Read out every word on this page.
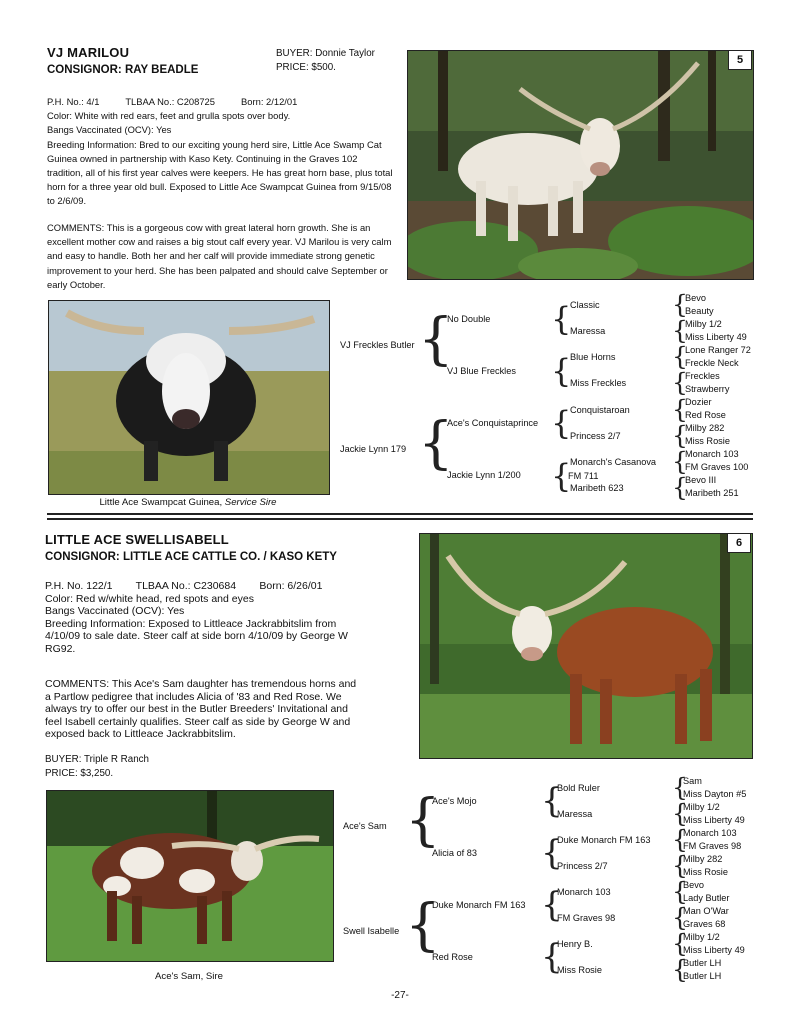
VJ MARILOU
CONSIGNOR: RAY BEADLE
BUYER: Donnie Taylor
PRICE: $500.
P.H. No.: 4/1          TLBAA No.: C208725          Born: 2/12/01
Color: White with red ears, feet and grulla spots over body.
Bangs Vaccinated (OCV): Yes
Breeding Information: Bred to our exciting young herd sire, Little Ace Swamp Cat
Guinea owned in partnership with Kaso Kety. Continuing in the Graves 102
tradition, all of his first year calves were keepers. He has great horn base, plus total
horn for a three year old bull. Exposed to Little Ace Swampcat Guinea from 9/15/08
to 2/6/09.
COMMENTS: This is a gorgeous cow with great lateral horn growth. She is an
excellent mother cow and raises a big stout calf every year. VJ Marilou is very calm
and easy to handle. Both her and her calf will provide immediate strong genetic
improvement to your herd. She has been palpated and should calve September or
early October.
5
Little Ace Swampcat Guinea, Service Sire
VJ Freckles Butler
Jackie Lynn 179
{
{
No Double
VJ Blue Freckles
Ace's Conquistaprince
Jackie Lynn 1/200
{
{
{
{
Classic
Maressa
Blue Horns
Miss Freckles
Conquistaroan
Princess 2/7
Monarch's Casanova
FM 711
Maribeth 623
{
{
{
{
{
{
{
{
Bevo
Beauty
Milby 1/2
Miss Liberty 49
Lone Ranger 72
Freckle Neck
Freckles
Strawberry
Dozier
Red Rose
Milby 282
Miss Rosie
Monarch 103
FM Graves 100
Bevo III
Maribeth 251
LITTLE ACE SWELLISABELL
CONSIGNOR: LITTLE ACE CATTLE CO. / KASO KETY
P.H. No. 122/1        TLBAA No.: C230684        Born: 6/26/01
Color: Red w/white head, red spots and eyes
Bangs Vaccinated (OCV): Yes
Breeding Information: Exposed to Littleace Jackrabbitslim from
4/10/09 to sale date. Steer calf at side born 4/10/09 by George W
RG92.
COMMENTS: This Ace's Sam daughter has tremendous horns and
a Partlow pedigree that includes Alicia of '83 and Red Rose. We
always try to offer our best in the Butler Breeders' Invitational and
feel Isabell certainly qualifies. Steer calf as side by George W and
exposed back to Littleace Jackrabbitslim.
BUYER: Triple R Ranch
PRICE: $3,250.
6
Ace's Sam, Sire
Ace's Sam
Swell Isabelle
{
{
Ace's Mojo
Alicia of 83
Duke Monarch FM 163
Red Rose
{
{
{
{
Bold Ruler
Maressa
Duke Monarch FM 163
Princess 2/7
Monarch 103
FM Graves 98
Henry B.
Miss Rosie
{
{
{
{
{
{
{
{
Sam
Miss Dayton #5
Milby 1/2
Miss Liberty 49
Monarch 103
FM Graves 98
Milby 282
Miss Rosie
Bevo
Lady Butler
Man O'War
Graves 68
Milby 1/2
Miss Liberty 49
Butler LH
Butler LH
-27-
